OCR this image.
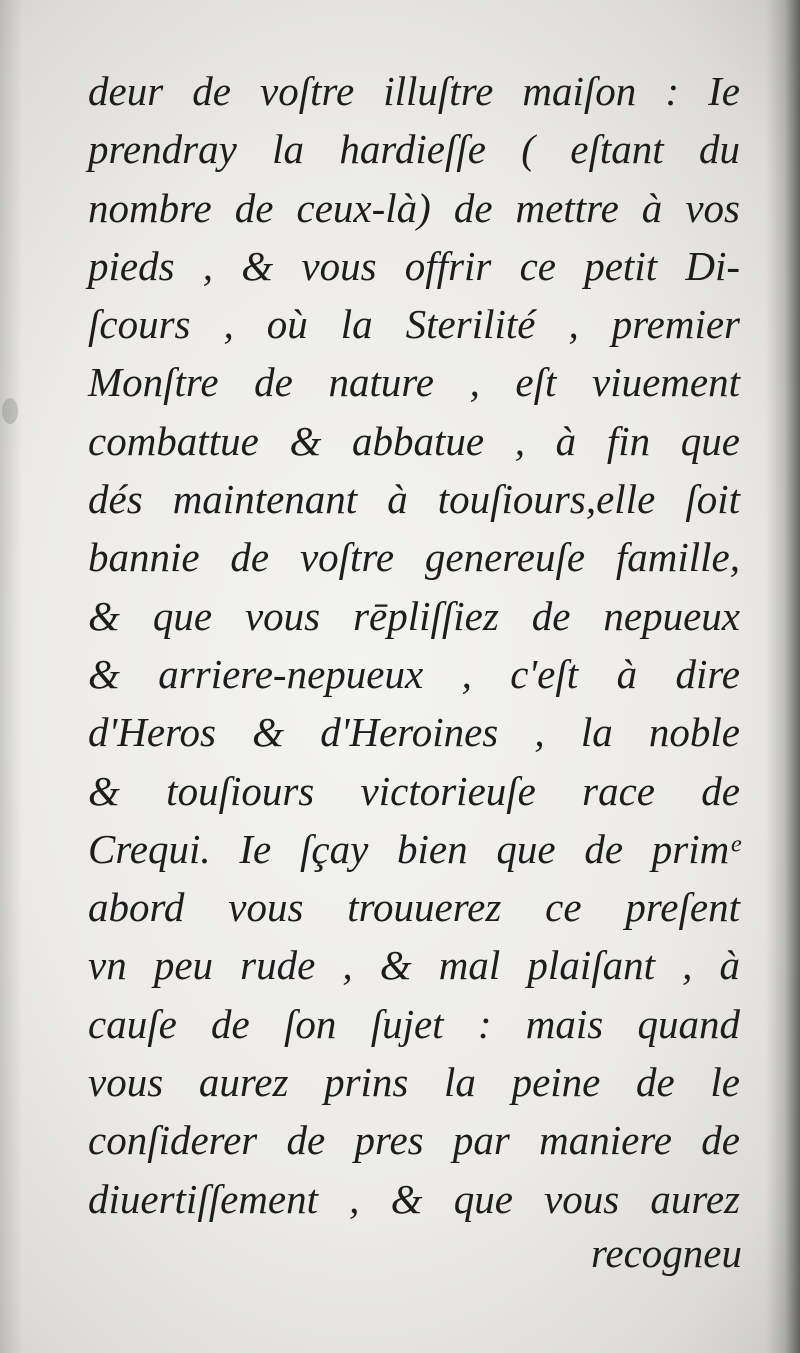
deur de voſtre illuſtre maiſon : Ie
prendray la hardieſſe ( eſtant du
nombre de ceux-là) de mettre à vos
pieds , & vous offrir ce petit Di-
ſcours , où la Sterilité , premier
Monſtre de nature , eſt viuement
combattue & abbatue , à fin que
dés maintenant à touſiours,elle ſoit
bannie de voſtre genereuſe famille,
& que vous rēpliſſiez de nepueux
& arriere-nepueux , c'eſt à dire
d'Heros & d'Heroines , la noble
& touſiours victorieuſe race de
Crequi. Ie ſçay bien que de primᵉ
abord vous trouuerez ce preſent
vn peu rude , & mal plaiſant , à
cauſe de ſon ſujet : mais quand
vous aurez prins la peine de le
conſiderer de pres par maniere de
diuertiſſement , & que vous aurez
recogneu
